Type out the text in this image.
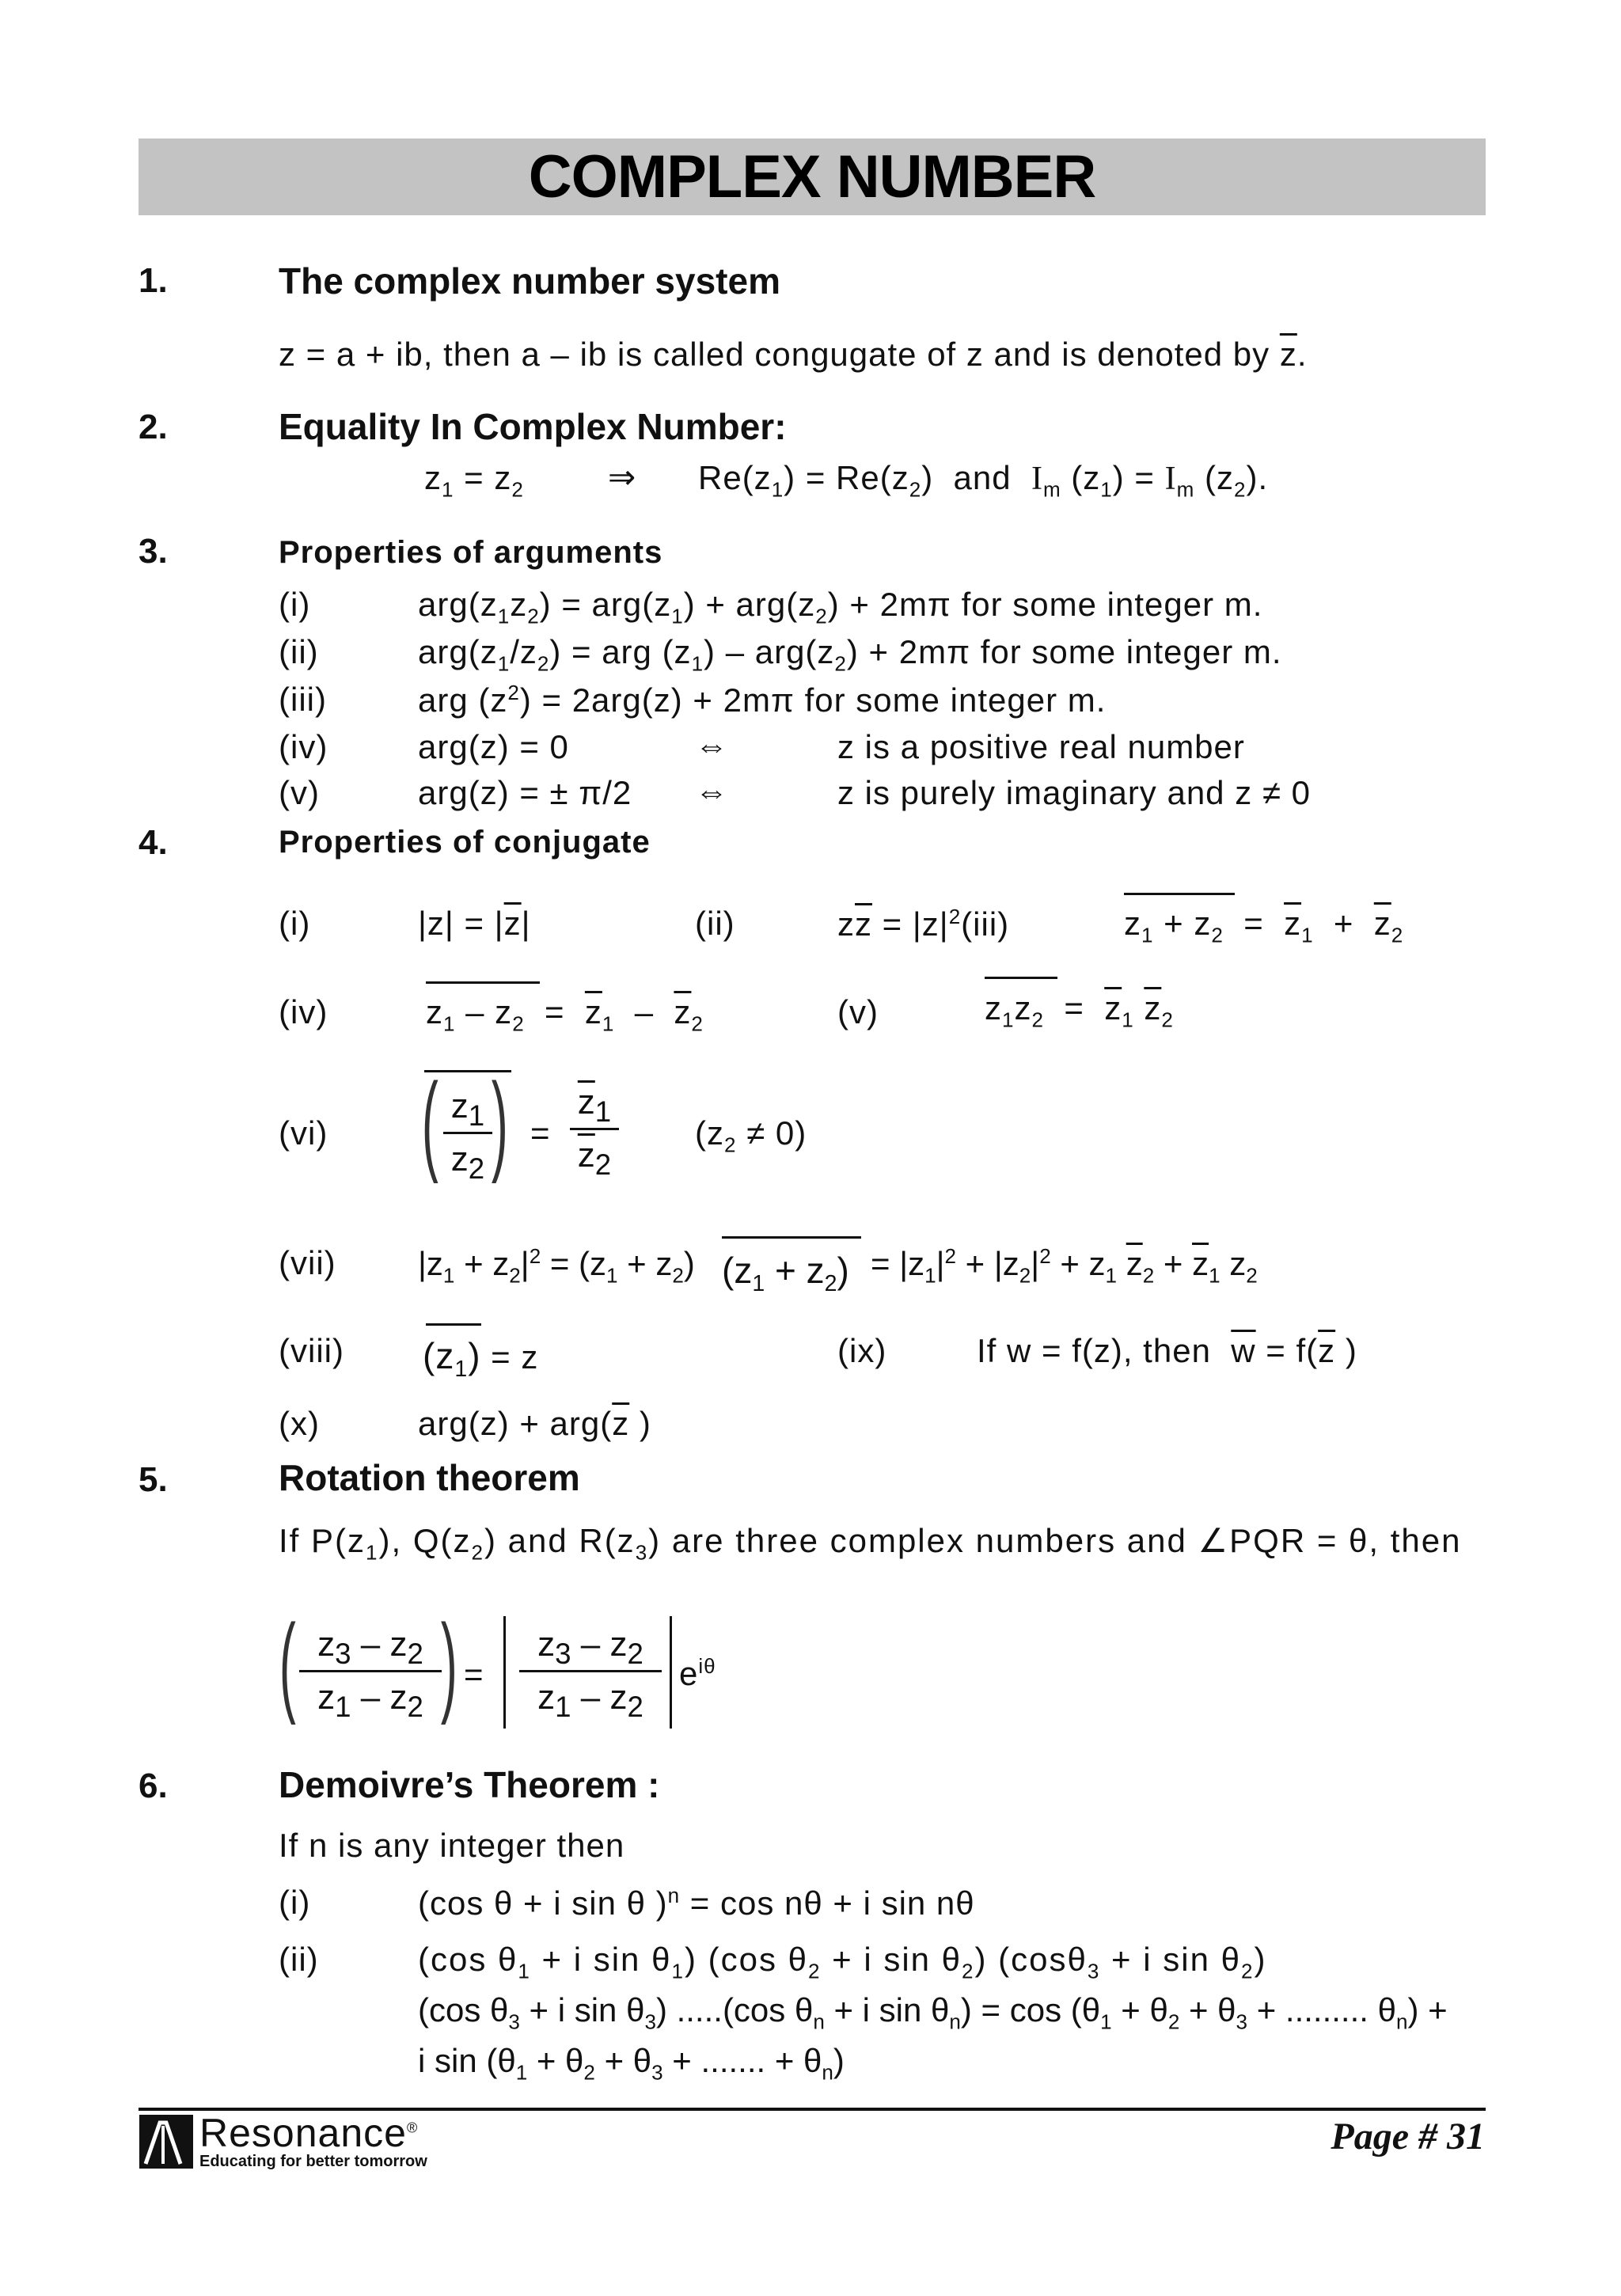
COMPLEX NUMBER
1.	The complex number system
z = a + ib, then a – ib is called congugate of z and is denoted by $\overline{z}$.
2.	Equality In Complex Number:
$z_1 = z_2$	⇒ $Re(z_1) = Re(z_2)$ and $I_m$ $(z_1) = I_m$ $(z_2)$.
3.	Properties of arguments
(i)	$arg(z_1z_2) = arg(z_1) + arg(z_2) + 2m\pi$ for some integer m.
(ii)	$arg(z_1/z_2)$ = arg $(z_1) - arg(z_2) + 2m\pi$ for some integer m.
(iii)	arg $(z^2) = 2arg(z) + 2m\pi$ for some integer m.
(iv)	arg(z) = 0	⇔	z is a positive real number
(v)	arg(z) = ± π/2 ⇔	z is purely imaginary and z ≠ 0
4.	Properties of conjugate
(i)	$|z| = |\overline{z}|$	(ii)	$z\overline{z} = |z|^2(iii)$	$z_1 + z_2 = \overline{z}_1 + \overline{z}_2$
(iv)	$z_1 - z_2 = \overline{z}_1 - \overline{z}_2$	(v)	$z_1z_2 = \overline{z}_1$ $\overline{z}_2$
(vi) ( $z_1$
$z_2$ ) =
$\overline{z}_1$
$\overline{z}_2$
$(z_2 \ne 0)$
(vii) $|z_1 + z_2|^2 = (z_1 + z_2) (z_1 + z_2) = |z_1|^2 + |z_2|^2 + z_1$ $\overline{z}_2 + \overline{z}_1$ $z_2$
(viii) $(z_1) = z$	(ix)	If w = f(z), then $\overline{w} = f(\overline{z}$ )
(x)	$arg(z) + arg(\overline{z}$ )
5.	Rotation theorem
If $P(z_1)$, $Q(z_2)$ and $R(z_3)$ are three complex numbers and ∠PQR = θ, then
( $z_3 - z_2$
$z_1 - z_2$ ) =
$z_3 - z_2$
$z_1 - z_2$
$e^{i\theta}$
6.	Demoivre’s Theorem :
If n is any integer then
(i)	(cos θ + i sin θ )$^n$ = cos nθ + i sin nθ
(ii)	(cos $\theta_1 + i$ $\sin \theta_1$) (cos $\theta_2 + i$ $\sin \theta_2$) (cosθ$_3$ + i $\sin \theta_2$)
(cos $\theta_3 + i$ $\sin \theta_3$) .....(cos $\theta_n + i$ $\sin \theta_n) = \cos (\theta_1 + \theta_2 + \theta_3$ + ......... $\theta_n$) +
i $\sin (\theta_1 + \theta_2 + \theta_3$ + ....... + $\theta_n$)
Resonance®
Educating for better tomorrow
Page # 31
